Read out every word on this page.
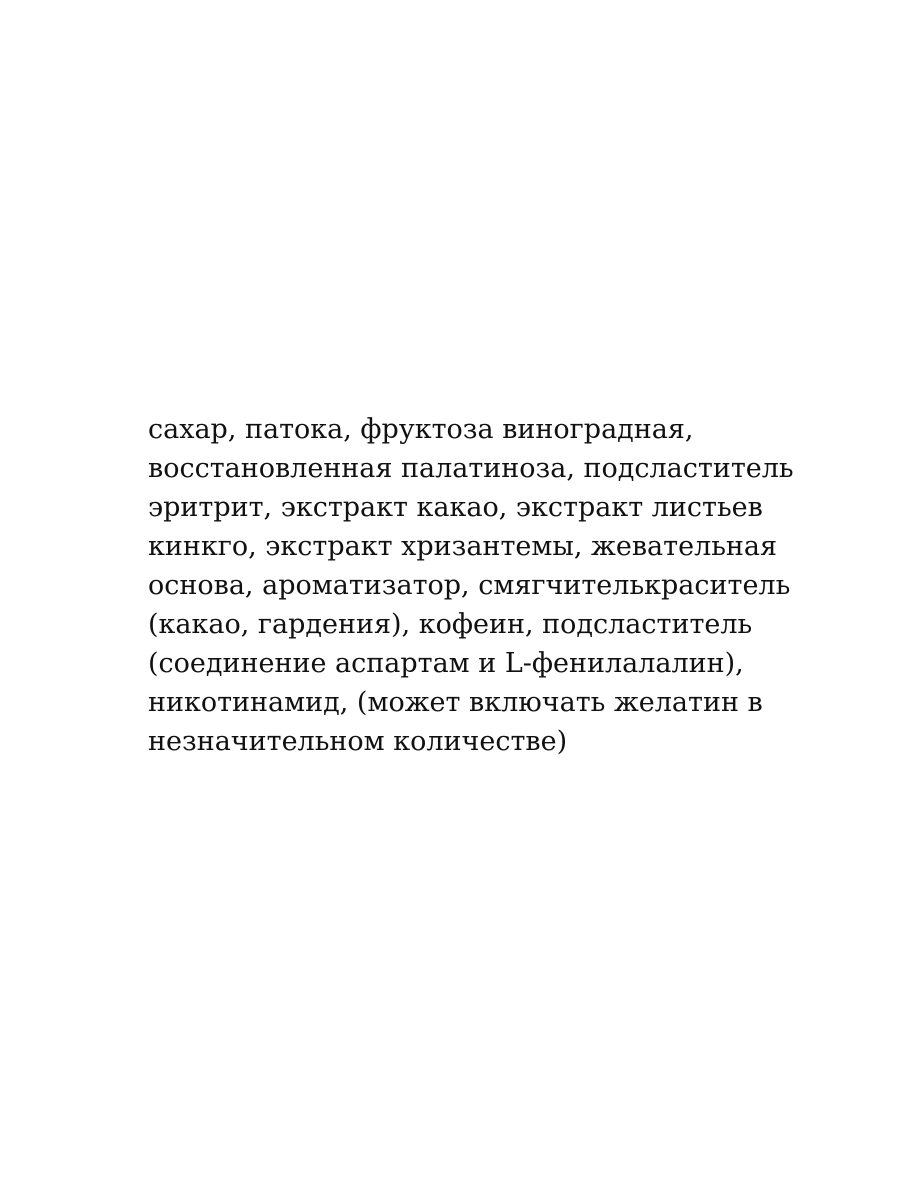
сахар, патока, фруктоза виноградная,
восстановленная палатиноза, подсластитель
эритрит, экстракт какао, экстракт листьев
кинкго, экстракт хризантемы, жевательная
основа, ароматизатор, смягчителькраситель
(какао, гардения), кофеин, подсластитель
(соединение аспартам и L-фенилалалин),
никотинамид, (может включать желатин в
незначительном количестве)
